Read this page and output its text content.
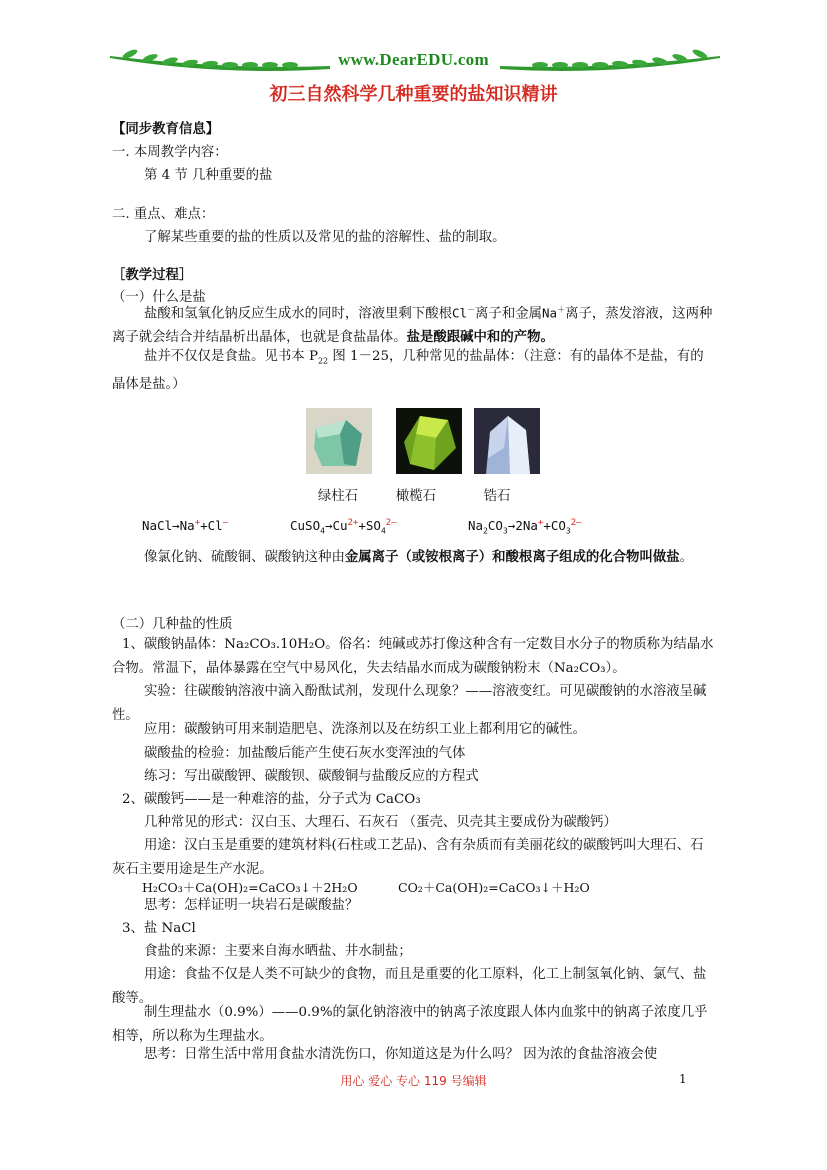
www.DearEDU.com
初三自然科学几种重要的盐知识精讲
【同步教育信息】
一. 本周教学内容：
第 4 节 几种重要的盐
二. 重点、难点：
了解某些重要的盐的性质以及常见的盐的溶解性、盐的制取。
［教学过程］
（一）什么是盐
盐酸和氢氧化钠反应生成水的同时，溶液里剩下酸根Cl－离子和金属Na＋离子，蒸发溶液，这两种离子就会结合并结晶析出晶体，也就是食盐晶体。盐是酸跟碱中和的产物。
盐并不仅仅是食盐。见书本 $P_{22}$ 图 1－25，几种常见的盐晶体：（注意：有的晶体不是盐，有的晶体是盐。）
绿柱石	橄榄石	锆石
NaCl→Na++Cl—	$CuSO_4\to Cu^{2+}+SO_4^{2—}$	$Na_2CO_3\to 2Na^++CO_3^{2—}$
像氯化钠、硫酸铜、碳酸钠这种由金属离子（或铵根离子）和酸根离子组成的化合物叫做盐。
（二）几种盐的性质
1、碳酸钠晶体：Na₂CO₃.10H₂O。俗名：纯碱或苏打像这种含有一定数目水分子的物质称为结晶水合物。常温下，晶体暴露在空气中易风化，失去结晶水而成为碳酸钠粉末（Na₂CO₃）。
实验：往碳酸钠溶液中滴入酚酞试剂，发现什么现象？——溶液变红。可见碳酸钠的水溶液呈碱性。
应用：碳酸钠可用来制造肥皂、洗涤剂以及在纺织工业上都利用它的碱性。
碳酸盐的检验：加盐酸后能产生使石灰水变浑浊的气体
练习：写出碳酸钾、碳酸钡、碳酸铜与盐酸反应的方程式
2、碳酸钙——是一种难溶的盐，分子式为 CaCO₃
几种常见的形式：汉白玉、大理石、石灰石 （蛋壳、贝壳其主要成份为碳酸钙）
用途：汉白玉是重要的建筑材料(石柱或工艺品)、含有杂质而有美丽花纹的碳酸钙叫大理石、石灰石主要用途是生产水泥。
H₂CO₃＋Ca(OH)₂=CaCO₃↓＋2H₂O	CO₂＋Ca(OH)₂=CaCO₃↓＋H₂O
思考：怎样证明一块岩石是碳酸盐？
3、盐 NaCl
食盐的来源：主要来自海水晒盐、井水制盐；
用途：食盐不仅是人类不可缺少的食物，而且是重要的化工原料，化工上制氢氧化钠、氯气、盐酸等。
制生理盐水（0.9%）——0.9%的氯化钠溶液中的钠离子浓度跟人体内血浆中的钠离子浓度几乎相等，所以称为生理盐水。
思考：日常生活中常用食盐水清洗伤口，你知道这是为什么吗？ 因为浓的食盐溶液会使
用心 爱心 专心 119 号编辑	1
